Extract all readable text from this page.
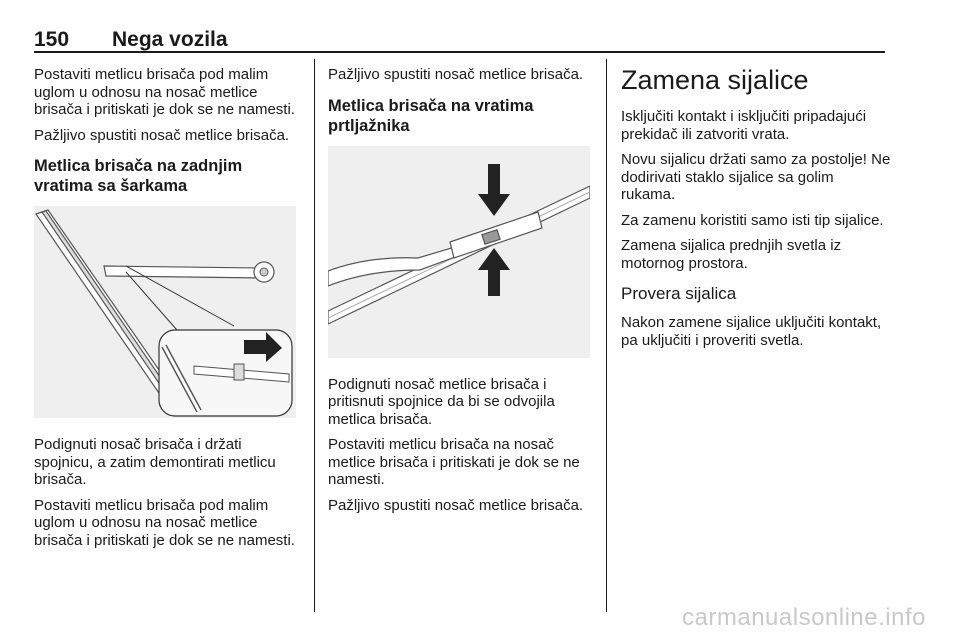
150 Nega vozila

Postaviti metlicu brisača pod malim uglom u odnosu na nosač metlice brisača i pritiskati je dok se ne namesti.

Pažljivo spustiti nosač metlice brisača.

Metlica brisača na zadnjim vratima sa šarkama

Podignuti nosač brisača i držati spojnicu, a zatim demontirati metlicu brisača.

Postaviti metlicu brisača pod malim uglom u odnosu na nosač metlice brisača i pritiskati je dok se ne namesti.

Pažljivo spustiti nosač metlice brisača.

Metlica brisača na vratima prtljažnika

Podignuti nosač metlice brisača i pritisnuti spojnice da bi se odvojila metlica brisača.

Postaviti metlicu brisača na nosač metlice brisača i pritiskati je dok se ne namesti.

Pažljivo spustiti nosač metlice brisača.

Zamena sijalice

Isključiti kontakt i isključiti pripadajući prekidač ili zatvoriti vrata.

Novu sijalicu držati samo za postolje! Ne dodirivati staklo sijalice sa golim rukama.

Za zamenu koristiti samo isti tip sijalice.

Zamena sijalica prednjih svetla iz motornog prostora.

Provera sijalica

Nakon zamene sijalice uključiti kontakt, pa uključiti i proveriti svetla.

carmanualsonline.info
